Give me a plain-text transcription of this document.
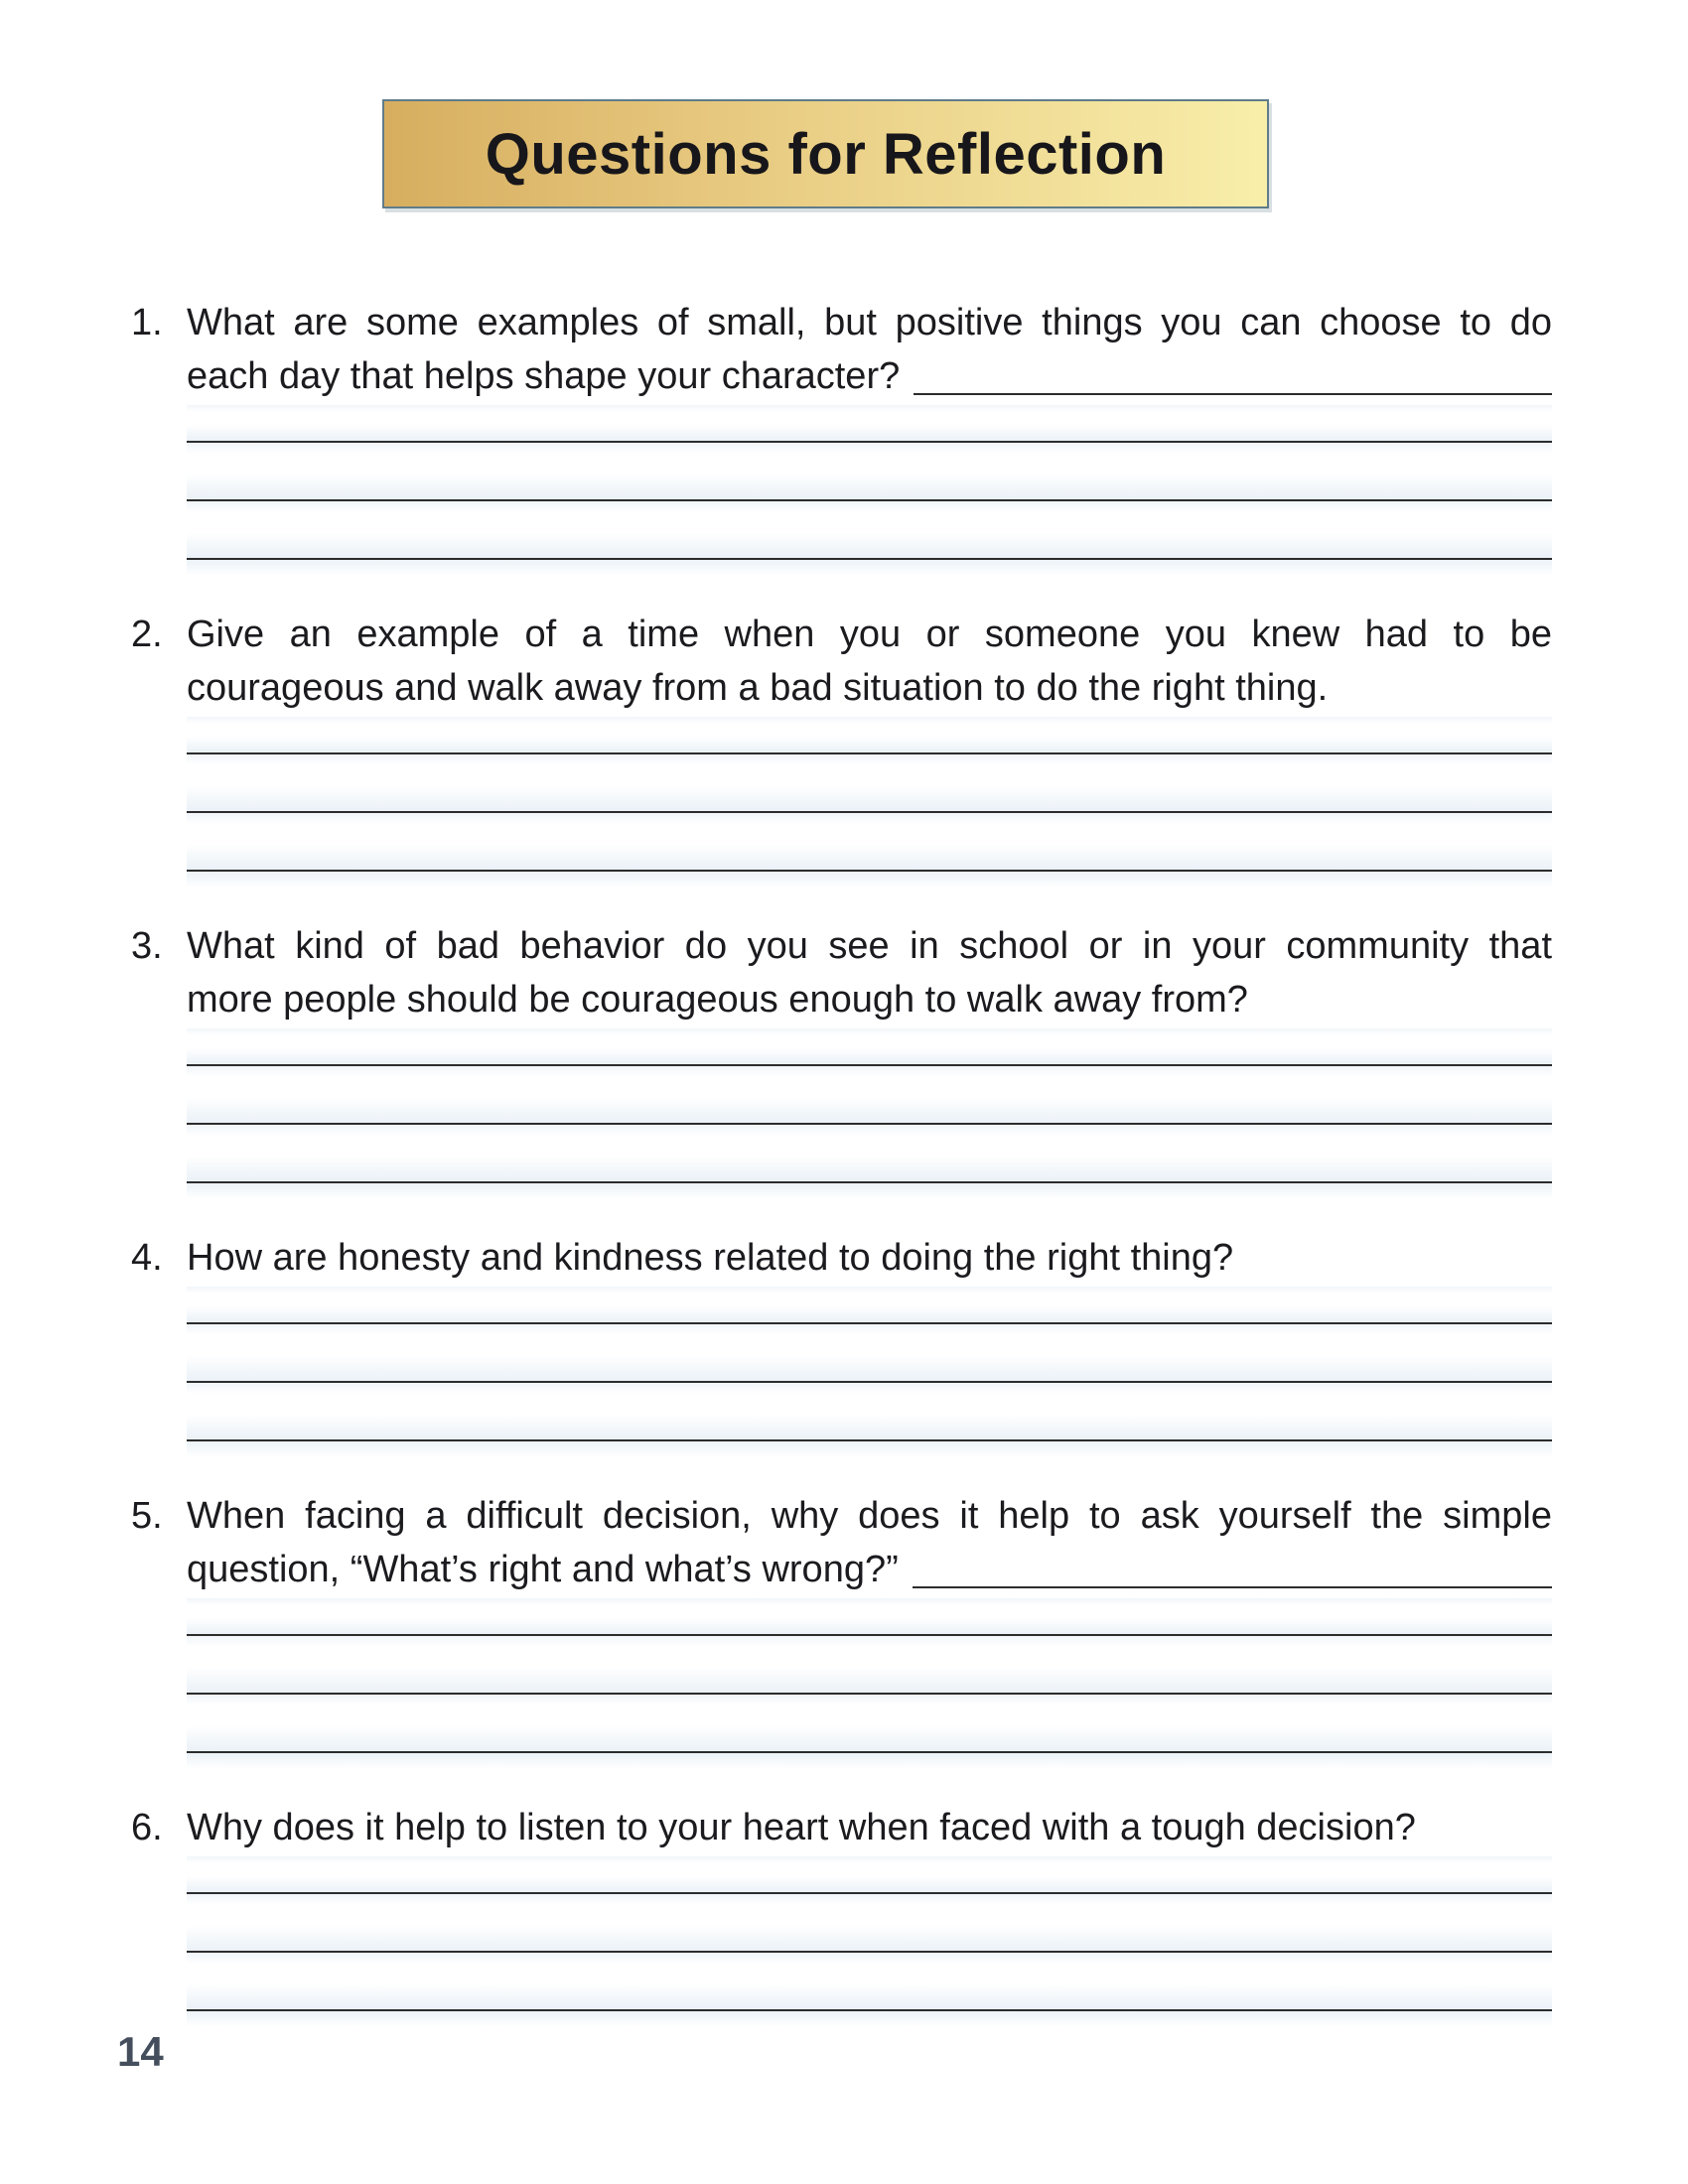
Questions for Reflection
1. What are some examples of small, but positive things you can choose to do
each day that helps shape your character?
2. Give an example of a time when you or someone you knew had to be
courageous and walk away from a bad situation to do the right thing.
3. What kind of bad behavior do you see in school or in your community that
more people should be courageous enough to walk away from?
4. How are honesty and kindness related to doing the right thing?
5. When facing a difficult decision, why does it help to ask yourself the simple
question, “What’s right and what’s wrong?”
6. Why does it help to listen to your heart when faced with a tough decision?
14
